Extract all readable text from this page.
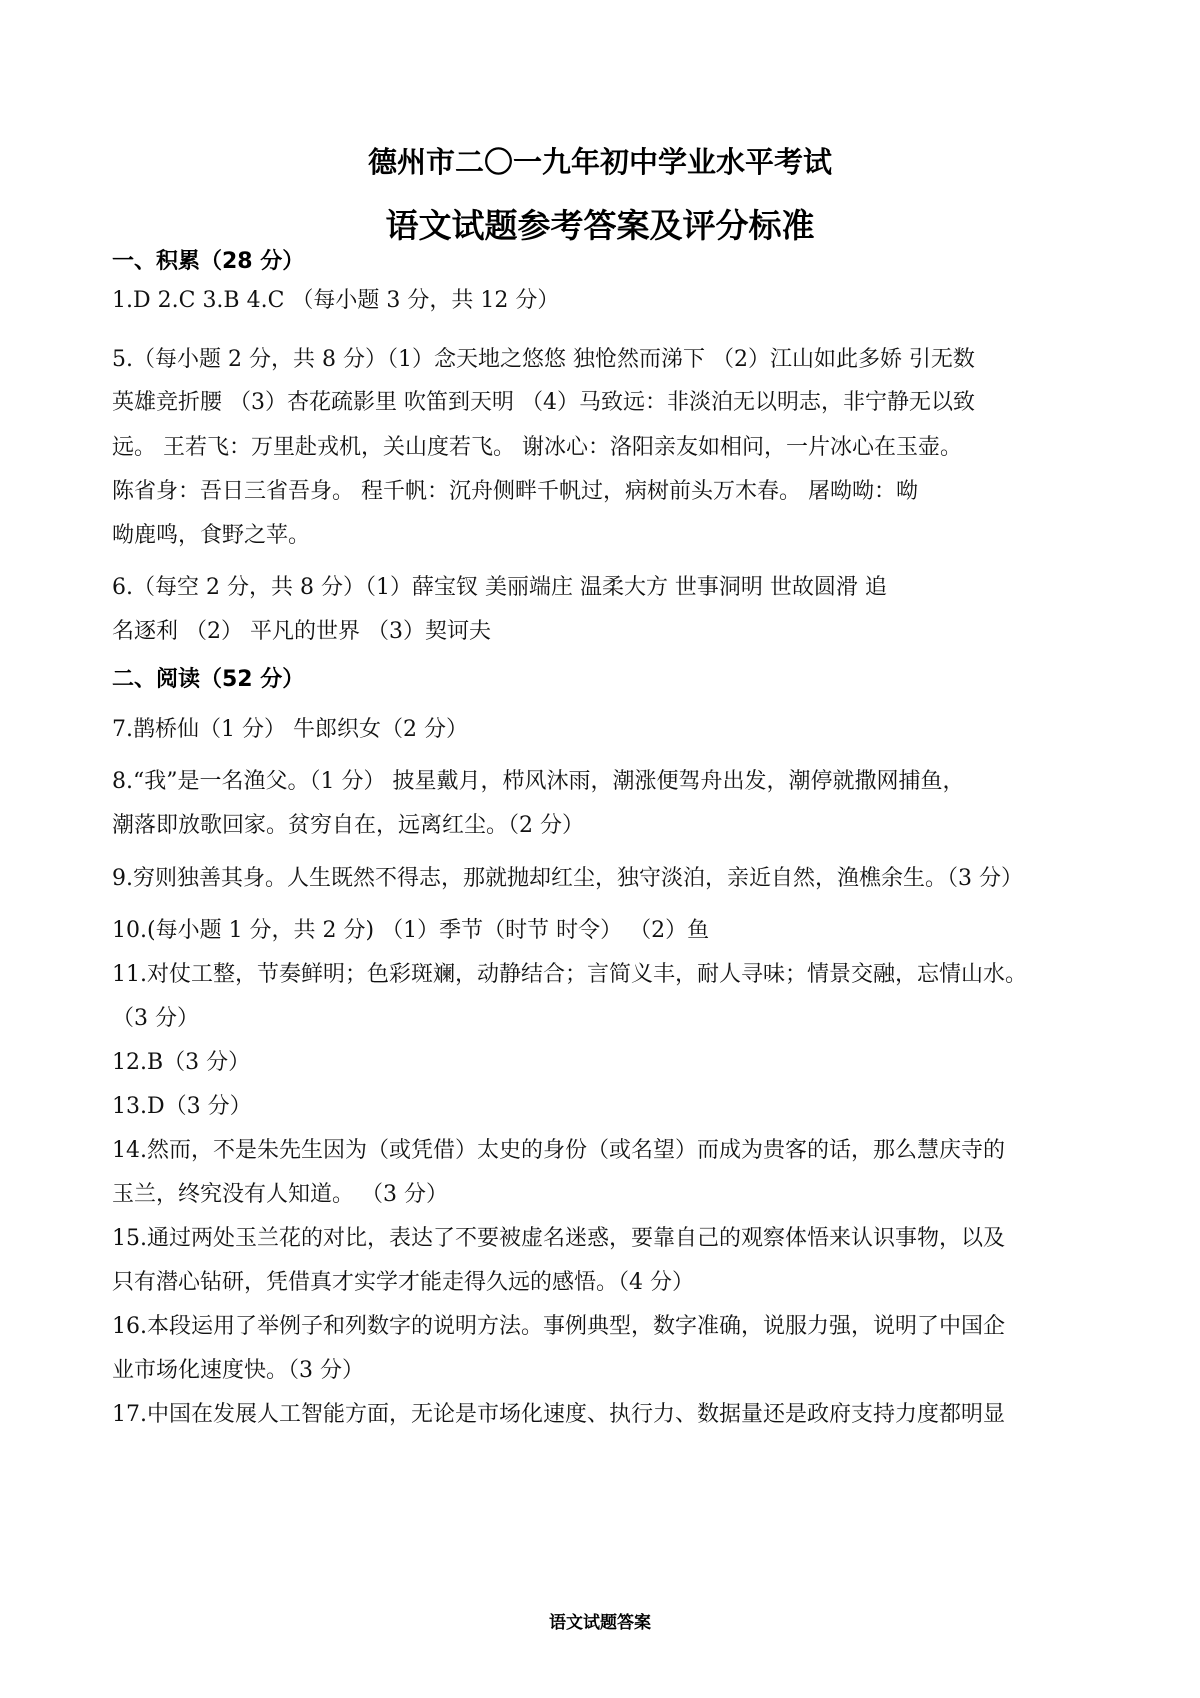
德州市二〇一九年初中学业水平考试
语文试题参考答案及评分标准
一、积累（28 分）
1.D 2.C 3.B 4.C （每小题 3 分，共 12 分）
5.（每小题 2 分，共 8 分）（1）念天地之悠悠 独怆然而涕下 （2）江山如此多娇 引无数
英雄竞折腰 （3）杏花疏影里 吹笛到天明 （4）马致远：非淡泊无以明志，非宁静无以致
远。 王若飞：万里赴戎机，关山度若飞。 谢冰心：洛阳亲友如相问，一片冰心在玉壶。
陈省身：吾日三省吾身。 程千帆：沉舟侧畔千帆过，病树前头万木春。 屠呦呦：呦
呦鹿鸣，食野之苹。
6.（每空 2 分，共 8 分）（1）薛宝钗 美丽端庄 温柔大方 世事洞明 世故圆滑 追
名逐利 （2） 平凡的世界 （3）契诃夫
二、阅读（52 分）
7.鹊桥仙（1 分） 牛郎织女（2 分）
8.“我”是一名渔父。（1 分） 披星戴月，栉风沐雨，潮涨便驾舟出发，潮停就撒网捕鱼，
潮落即放歌回家。贫穷自在，远离红尘。（2 分）
9.穷则独善其身。人生既然不得志，那就抛却红尘，独守淡泊，亲近自然，渔樵余生。（3 分）
10.(每小题 1 分，共 2 分) （1）季节（时节 时令） （2）鱼
11.对仗工整，节奏鲜明；色彩斑斓，动静结合；言简义丰，耐人寻味；情景交融，忘情山水。
（3 分）
12.B（3 分）
13.D（3 分）
14.然而，不是朱先生因为（或凭借）太史的身份（或名望）而成为贵客的话，那么慧庆寺的
玉兰，终究没有人知道。 （3 分）
15.通过两处玉兰花的对比，表达了不要被虚名迷惑，要靠自己的观察体悟来认识事物，以及
只有潜心钻研，凭借真才实学才能走得久远的感悟。（4 分）
16.本段运用了举例子和列数字的说明方法。事例典型，数字准确，说服力强，说明了中国企
业市场化速度快。（3 分）
17.中国在发展人工智能方面，无论是市场化速度、执行力、数据量还是政府支持力度都明显
语文试题答案
